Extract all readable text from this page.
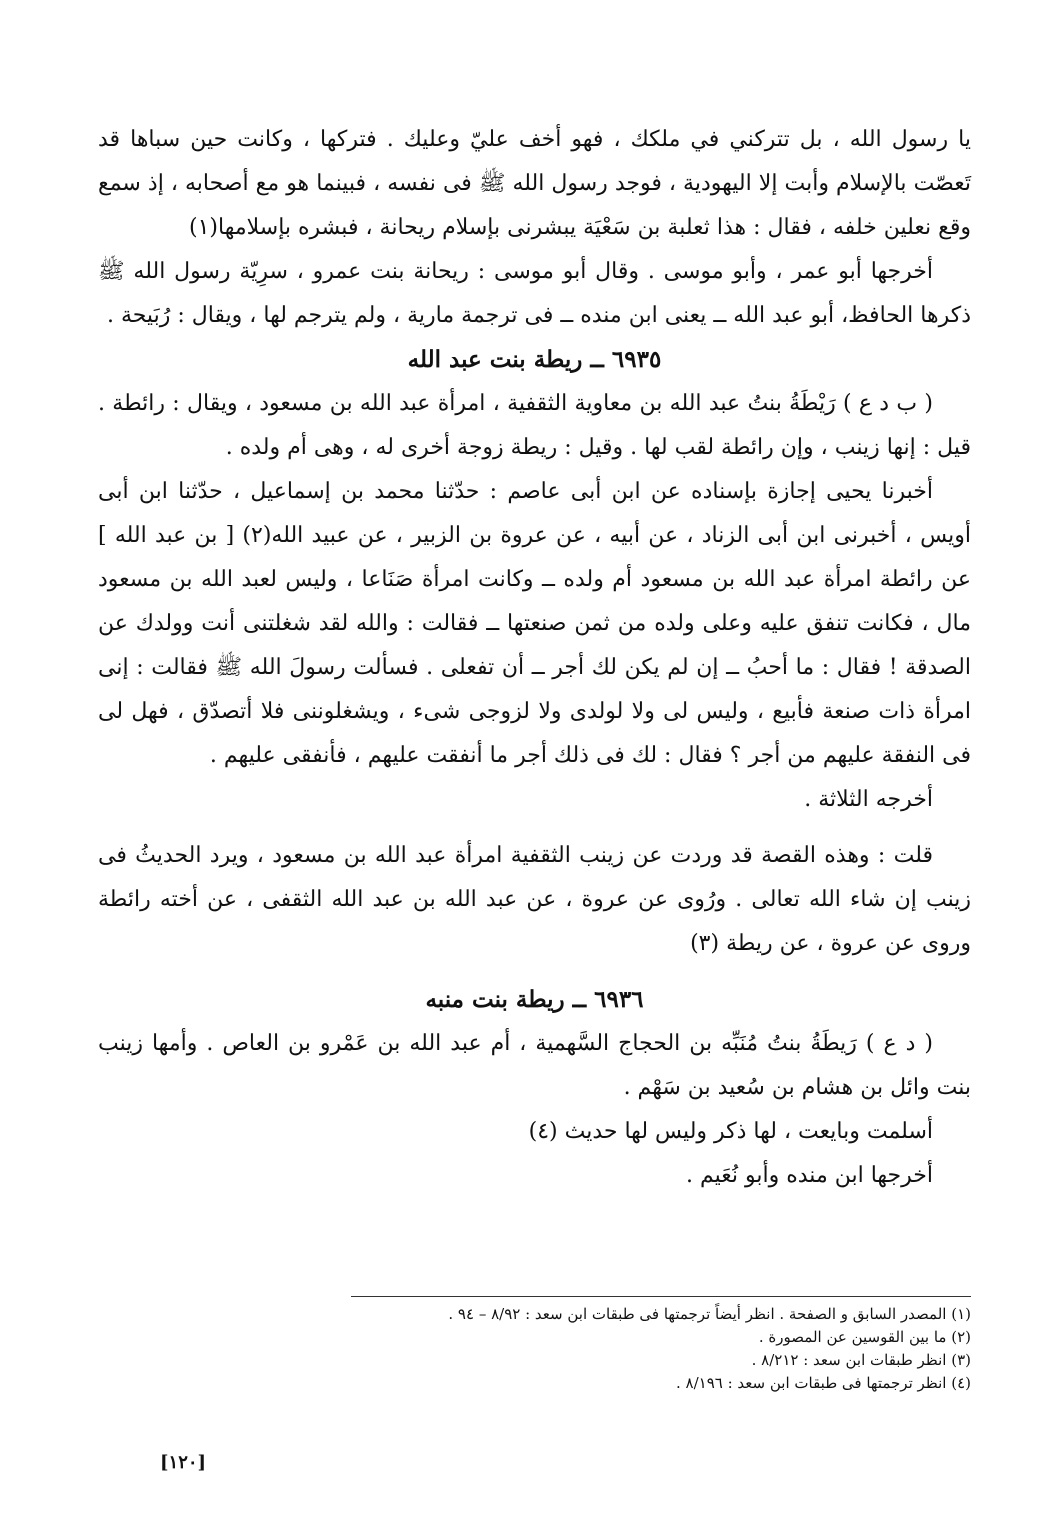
يا رسول الله ، بل تتركني في ملكك ، فهو أخف عليّ وعليك . فتركها ، وكانت حين سباها قد تَعصّت بالإسلام وأبت إلا اليهودية ، فوجد رسول الله ﷺ فى نفسه ، فبينما هو مع أصحابه ، إذ سمع وقع نعلين خلفه ، فقال : هذا ثعلبة بن سَعْيَة يبشرنى بإسلام ريحانة ، فبشره بإسلامها(١)

أخرجها أبو عمر ، وأبو موسى . وقال أبو موسى : ريحانة بنت عمرو ، سرِيّة رسول الله ﷺ ذكرها الحافظ، أبو عبد الله ــ يعنى ابن منده ــ فى ترجمة مارية ، ولم يترجم لها ، ويقال : رُبَيحة .

٦٩٣٥ ــ ريطة بنت عبد الله

( ب د ع ) رَيْطَةُ بنتُ عبد الله بن معاوية الثقفية ، امرأة عبد الله بن مسعود ، ويقال : رائطة . قيل : إنها زينب ، وإن رائطة لقب لها . وقيل : ريطة زوجة أخرى له ، وهى أم ولده .

أخبرنا يحيى إجازة بإسناده عن ابن أبى عاصم : حدّثنا محمد بن إسماعيل ، حدّثنا ابن أبى أويس ، أخبرنى ابن أبى الزناد ، عن أبيه ، عن عروة بن الزبير ، عن عبيد الله(٢) [ بن عبد الله ] عن رائطة امرأة عبد الله بن مسعود أم ولده ــ وكانت امرأة صَنَاعا ، وليس لعبد الله بن مسعود مال ، فكانت تنفق عليه وعلى ولده من ثمن صنعتها ــ فقالت : والله لقد شغلتنى أنت وولدك عن الصدقة ! فقال : ما أحبُ ــ إن لم يكن لك أجر ــ أن تفعلى . فسألت رسولَ الله ﷺ فقالت : إنى امرأة ذات صنعة فأبيع ، وليس لى ولا لولدى ولا لزوجى شىء ، ويشغلوننى فلا أتصدّق ، فهل لى فى النفقة عليهم من أجر ؟ فقال : لك فى ذلك أجر ما أنفقت عليهم ، فأنفقى عليهم .

أخرجه الثلاثة .

قلت : وهذه القصة قد وردت عن زينب الثقفية امرأة عبد الله بن مسعود ، ويرد الحديثُ فى زينب إن شاء الله تعالى . ورُوى عن عروة ، عن عبد الله بن عبد الله الثقفى ، عن أخته رائطة وروى عن عروة ، عن ريطة (٣)

٦٩٣٦ ــ ريطة بنت منبه

( د ع ) رَيطَةُ بنتُ مُنَبِّه بن الحجاج السَّهمية ، أم عبد الله بن عَمْرو بن العاص . وأمها زينب بنت وائل بن هشام بن سُعيد بن سَهْم .

أسلمت وبايعت ، لها ذكر وليس لها حديث (٤)

أخرجها ابن منده وأبو نُعَيم .

(١) المصدر السابق و الصفحة . انظر أيضاً ترجمتها فى طبقات ابن سعد : ٨/٩٢ – ٩٤ .

(٢) ما بين القوسين عن المصورة .

(٣) انظر طبقات ابن سعد : ٨/٢١٢ .

(٤) انظر ترجمتها فى طبقات ابن سعد : ٨/١٩٦ .

[١٢٠]
